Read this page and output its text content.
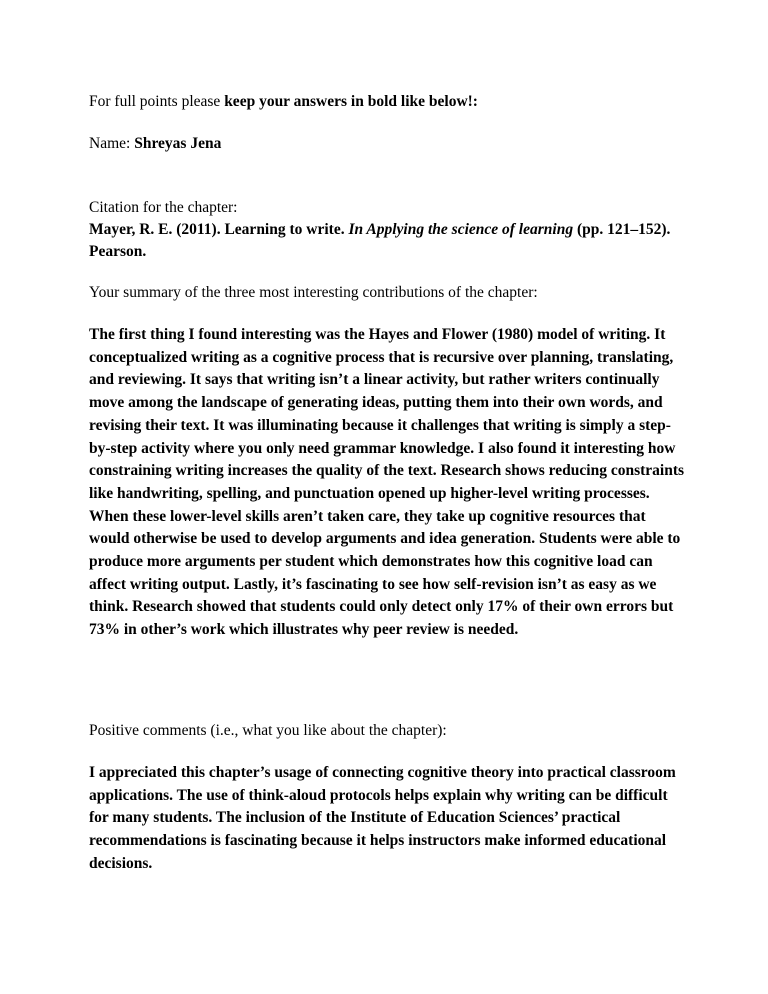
For full points please keep your answers in bold like below!:

Name: Shreyas Jena

Citation for the chapter:

Mayer, R. E. (2011). Learning to write. In Applying the science of learning (pp. 121–152). Pearson.

Your summary of the three most interesting contributions of the chapter:

The first thing I found interesting was the Hayes and Flower (1980) model of writing. It conceptualized writing as a cognitive process that is recursive over planning, translating, and reviewing. It says that writing isn’t a linear activity, but rather writers continually move among the landscape of generating ideas, putting them into their own words, and revising their text. It was illuminating because it challenges that writing is simply a step-by-step activity where you only need grammar knowledge. I also found it interesting how constraining writing increases the quality of the text. Research shows reducing constraints like handwriting, spelling, and punctuation opened up higher-level writing processes. When these lower-level skills aren’t taken care, they take up cognitive resources that would otherwise be used to develop arguments and idea generation. Students were able to produce more arguments per student which demonstrates how this cognitive load can affect writing output. Lastly, it’s fascinating to see how self-revision isn’t as easy as we think. Research showed that students could only detect only 17% of their own errors but 73% in other’s work which illustrates why peer review is needed.

Positive comments (i.e., what you like about the chapter):

I appreciated this chapter’s usage of connecting cognitive theory into practical classroom applications. The use of think-aloud protocols helps explain why writing can be difficult for many students. The inclusion of the Institute of Education Sciences’ practical recommendations is fascinating because it helps instructors make informed educational decisions.
